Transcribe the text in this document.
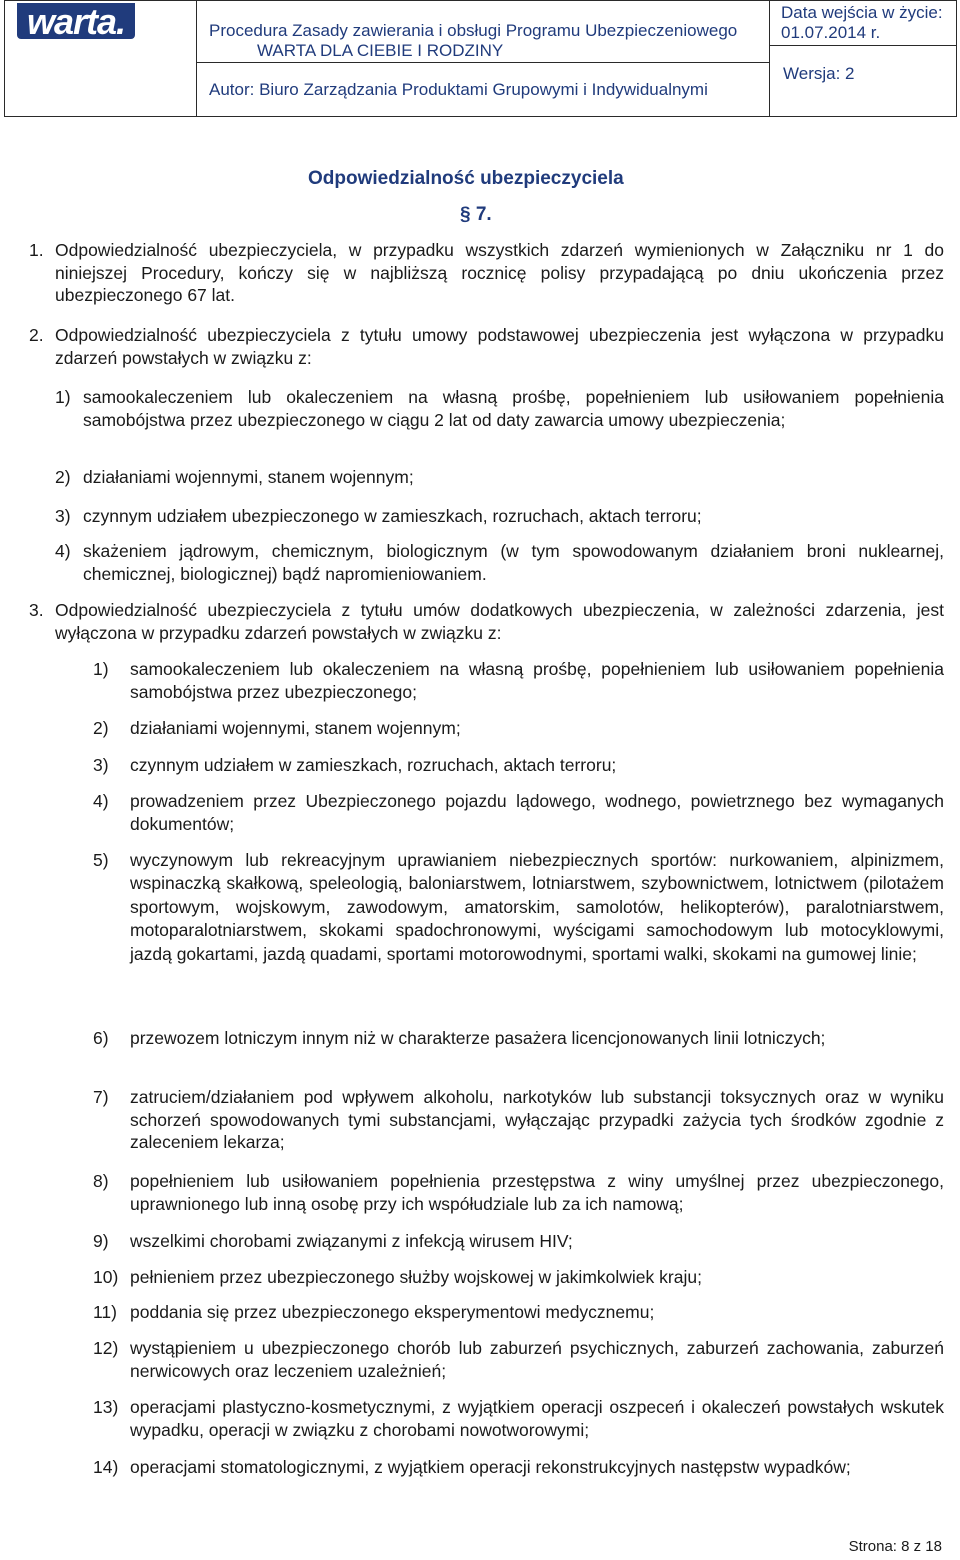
warta.	Procedura Zasady zawierania i obsługi Programu Ubezpieczeniowego
WARTA DLA CIEBIE I RODZINY
Autor: Biuro Zarządzania Produktami Grupowymi i Indywidualnymi
Data wejścia w życie:
01.07.2014 r.
Wersja: 2
Odpowiedzialność ubezpieczyciela
§ 7.
1. Odpowiedzialność ubezpieczyciela, w przypadku wszystkich zdarzeń wymienionych w Załączniku nr 1 do niniejszej Procedury, kończy się w najbliższą rocznicę polisy przypadającą po dniu ukończenia przez ubezpieczonego 67 lat.
2. Odpowiedzialność ubezpieczyciela z tytułu umowy podstawowej ubezpieczenia jest wyłączona w przypadku zdarzeń powstałych w związku z:
1) samookaleczeniem lub okaleczeniem na własną prośbę, popełnieniem lub usiłowaniem popełnienia samobójstwa przez ubezpieczonego w ciągu 2 lat od daty zawarcia umowy ubezpieczenia;
2) działaniami wojennymi, stanem wojennym;
3) czynnym udziałem ubezpieczonego w zamieszkach, rozruchach, aktach terroru;
4) skażeniem jądrowym, chemicznym, biologicznym (w tym spowodowanym działaniem broni nuklearnej, chemicznej, biologicznej) bądź napromieniowaniem.
3. Odpowiedzialność ubezpieczyciela z tytułu umów dodatkowych ubezpieczenia, w zależności zdarzenia, jest wyłączona w przypadku zdarzeń powstałych w związku z:
1) samookaleczeniem lub okaleczeniem na własną prośbę, popełnieniem lub usiłowaniem popełnienia samobójstwa przez ubezpieczonego;
2) działaniami wojennymi, stanem wojennym;
3) czynnym udziałem w zamieszkach, rozruchach, aktach terroru;
4) prowadzeniem przez Ubezpieczonego pojazdu lądowego, wodnego, powietrznego bez wymaganych dokumentów;
5) wyczynowym lub rekreacyjnym uprawianiem niebezpiecznych sportów: nurkowaniem, alpinizmem, wspinaczką skałkową, speleologią, baloniarstwem, lotniarstwem, szybownictwem, lotnictwem (pilotażem sportowym, wojskowym, zawodowym, amatorskim, samolotów, helikopterów), paralotniarstwem, motoparalotniarstwem, skokami spadochronowymi, wyścigami samochodowym lub motocyklowymi, jazdą gokartami, jazdą quadami, sportami motorowodnymi, sportami walki, skokami na gumowej linie;
6) przewozem lotniczym innym niż w charakterze pasażera licencjonowanych linii lotniczych;
7) zatruciem/działaniem pod wpływem alkoholu, narkotyków lub substancji toksycznych oraz w wyniku schorzeń spowodowanych tymi substancjami, wyłączając przypadki zażycia tych środków zgodnie z zaleceniem lekarza;
8) popełnieniem lub usiłowaniem popełnienia przestępstwa z winy umyślnej przez ubezpieczonego, uprawnionego lub inną osobę przy ich współudziale lub za ich namową;
9) wszelkimi chorobami związanymi z infekcją wirusem HIV;
10) pełnieniem przez ubezpieczonego służby wojskowej w jakimkolwiek kraju;
11) poddania się przez ubezpieczonego eksperymentowi medycznemu;
12) wystąpieniem u ubezpieczonego chorób lub zaburzeń psychicznych, zaburzeń zachowania, zaburzeń nerwicowych oraz leczeniem uzależnień;
13) operacjami plastyczno-kosmetycznymi, z wyjątkiem operacji oszpeceń i okaleczeń powstałych wskutek wypadku, operacji w związku z chorobami nowotworowymi;
14) operacjami stomatologicznymi, z wyjątkiem operacji rekonstrukcyjnych następstw wypadków;
Strona: 8 z 18
